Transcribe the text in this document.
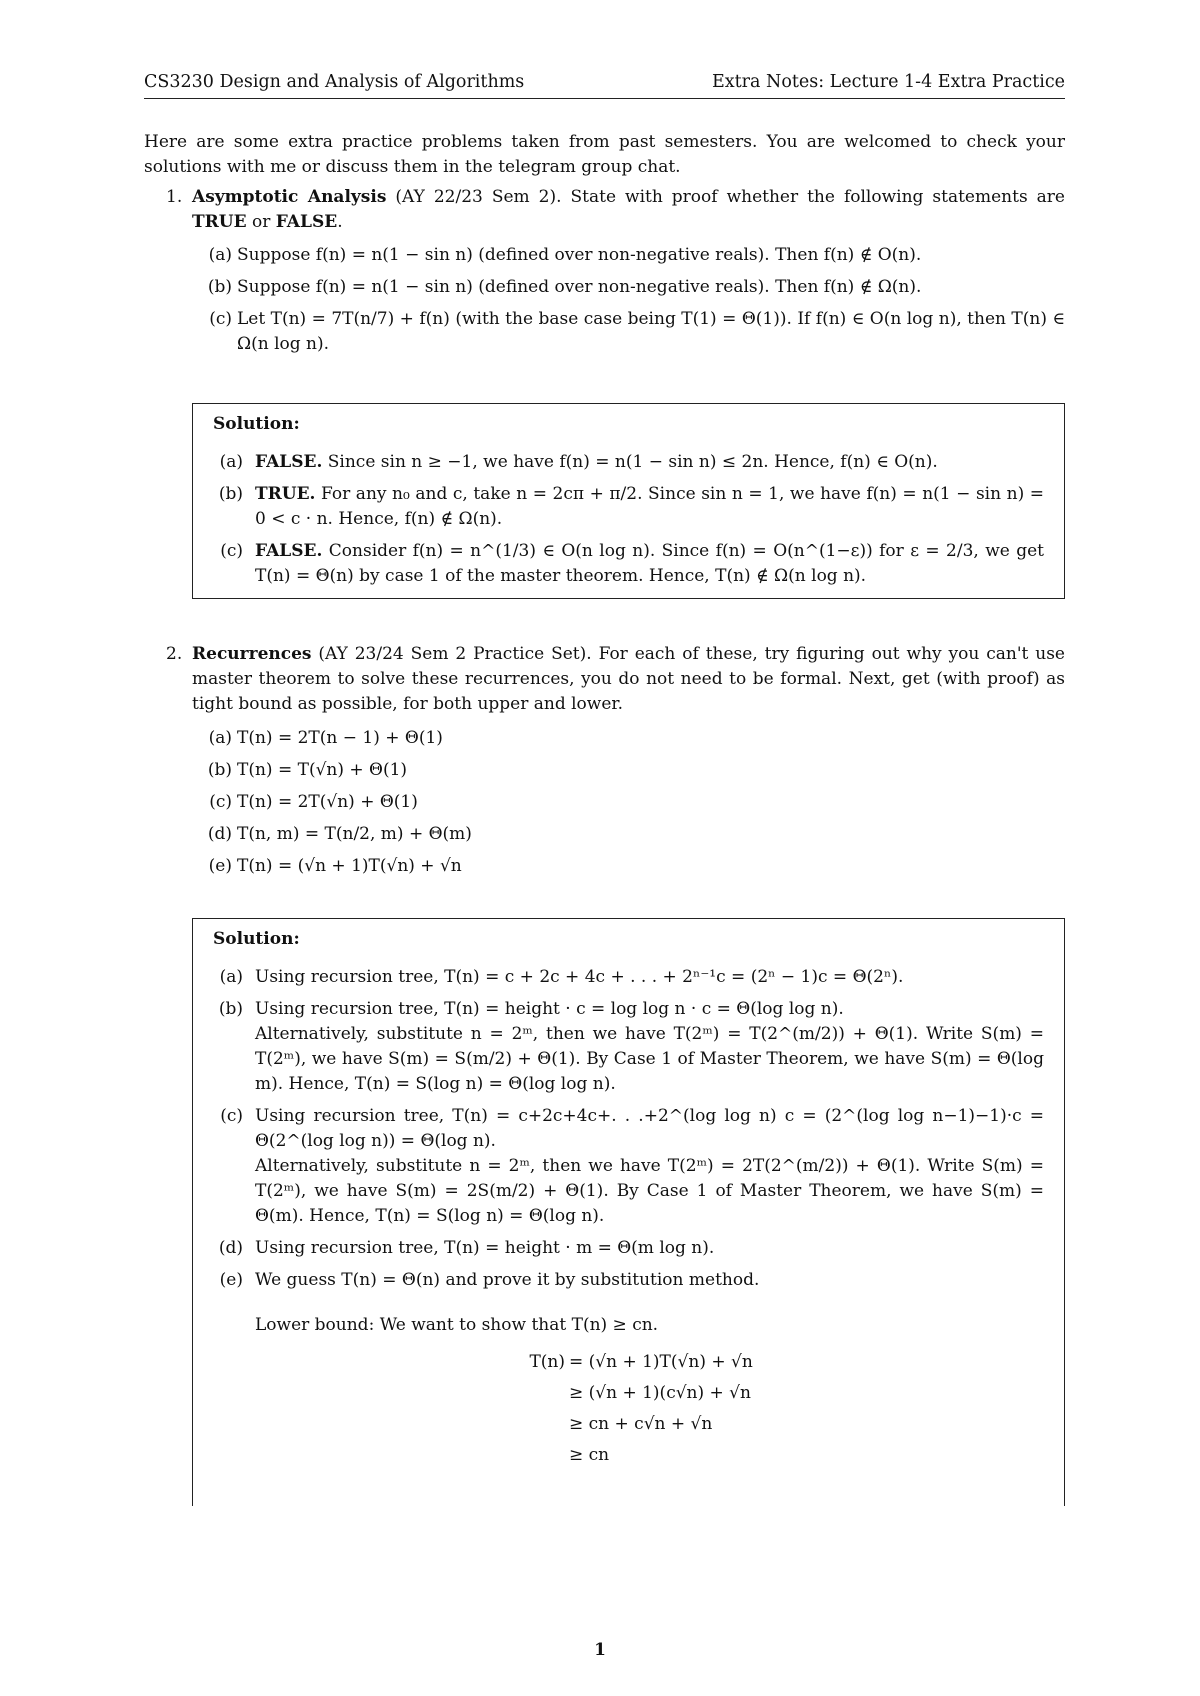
CS3230 Design and Analysis of Algorithms	Extra Notes: Lecture 1-4 Extra Practice
Here are some extra practice problems taken from past semesters. You are welcomed to check your solutions with me or discuss them in the telegram group chat.
1. Asymptotic Analysis (AY 22/23 Sem 2). State with proof whether the following statements are TRUE or FALSE.
(a) Suppose f(n) = n(1 − sin n) (defined over non-negative reals). Then f(n) ∉ O(n).
(b) Suppose f(n) = n(1 − sin n) (defined over non-negative reals). Then f(n) ∉ Ω(n).
(c) Let T(n) = 7T(n/7) + f(n) (with the base case being T(1) = Θ(1)). If f(n) ∈ O(n log n), then T(n) ∈ Ω(n log n).
Solution:
(a) FALSE. Since sin n ≥ −1, we have f(n) = n(1 − sin n) ≤ 2n. Hence, f(n) ∈ O(n).
(b) TRUE. For any n₀ and c, take n = 2cπ + π/2. Since sin n = 1, we have f(n) = n(1 − sin n) = 0 < c · n. Hence, f(n) ∉ Ω(n).
(c) FALSE. Consider f(n) = n^(1/3) ∈ O(n log n). Since f(n) = O(n^(1−ε)) for ε = 2/3, we get T(n) = Θ(n) by case 1 of the master theorem. Hence, T(n) ∉ Ω(n log n).
2. Recurrences (AY 23/24 Sem 2 Practice Set). For each of these, try figuring out why you can't use master theorem to solve these recurrences, you do not need to be formal. Next, get (with proof) as tight bound as possible, for both upper and lower.
(a) T(n) = 2T(n − 1) + Θ(1)
(b) T(n) = T(√n) + Θ(1)
(c) T(n) = 2T(√n) + Θ(1)
(d) T(n, m) = T(n/2, m) + Θ(m)
(e) T(n) = (√n + 1)T(√n) + √n
Solution:
(a) Using recursion tree, T(n) = c + 2c + 4c + . . . + 2ⁿ⁻¹c = (2ⁿ − 1)c = Θ(2ⁿ).
(b) Using recursion tree, T(n) = height · c = log log n · c = Θ(log log n).
Alternatively, substitute n = 2ᵐ, then we have T(2ᵐ) = T(2^(m/2)) + Θ(1). Write S(m) = T(2ᵐ), we have S(m) = S(m/2) + Θ(1). By Case 1 of Master Theorem, we have S(m) = Θ(log m). Hence, T(n) = S(log n) = Θ(log log n).
(c) Using recursion tree, T(n) = c+2c+4c+. . .+2^(log log n) c = (2^(log log n−1)−1)·c = Θ(2^(log log n)) = Θ(log n).
Alternatively, substitute n = 2ᵐ, then we have T(2ᵐ) = 2T(2^(m/2)) + Θ(1). Write S(m) = T(2ᵐ), we have S(m) = 2S(m/2) + Θ(1). By Case 1 of Master Theorem, we have S(m) = Θ(m). Hence, T(n) = S(log n) = Θ(log n).
(d) Using recursion tree, T(n) = height · m = Θ(m log n).
(e) We guess T(n) = Θ(n) and prove it by substitution method.
Lower bound: We want to show that T(n) ≥ cn.
T(n) = (√n + 1)T(√n) + √n
≥ (√n + 1)(c√n) + √n
≥ cn + c√n + √n
≥ cn
1
